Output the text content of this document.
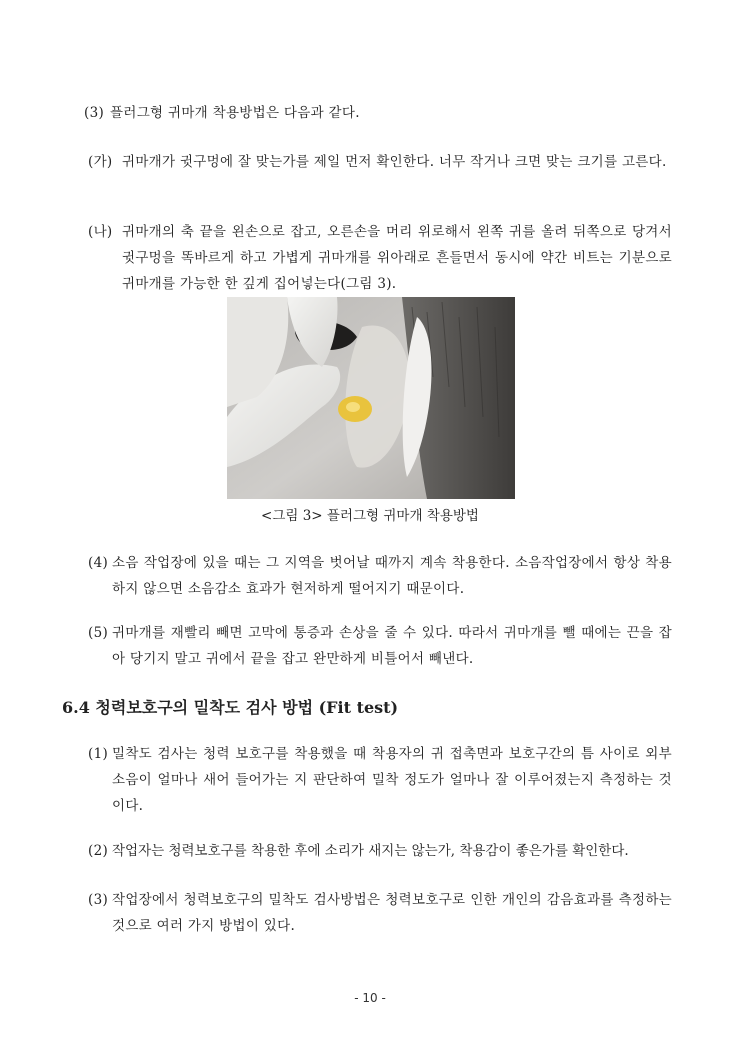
(3) 플러그형 귀마개 착용방법은 다음과 같다.
(가) 귀마개가 귓구멍에 잘 맞는가를 제일 먼저 확인한다. 너무 작거나 크면 맞는 크기를 고른다.
(나) 귀마개의 축 끝을 왼손으로 잡고, 오른손을 머리 위로해서 왼쪽 귀를 올려 뒤쪽으로 당겨서 귓구멍을 똑바르게 하고 가볍게 귀마개를 위아래로 흔들면서 동시에 약간 비트는 기분으로 귀마개를 가능한 한 깊게 집어넣는다(그림 3).
<그림 3> 플러그형 귀마개 착용방법
(4) 소음 작업장에 있을 때는 그 지역을 벗어날 때까지 계속 착용한다. 소음작업장에서 항상 착용하지 않으면 소음감소 효과가 현저하게 떨어지기 때문이다.
(5) 귀마개를 재빨리 빼면 고막에 통증과 손상을 줄 수 있다. 따라서 귀마개를 뺄 때에는 끈을 잡아 당기지 말고 귀에서 끝을 잡고 완만하게 비틀어서 빼낸다.
6.4 청력보호구의 밀착도 검사 방법 (Fit test)
(1) 밀착도 검사는 청력 보호구를 착용했을 때 착용자의 귀 접촉면과 보호구간의 틈 사이로 외부 소음이 얼마나 새어 들어가는 지 판단하여 밀착 정도가 얼마나 잘 이루어졌는지 측정하는 것이다.
(2) 작업자는 청력보호구를 착용한 후에 소리가 새지는 않는가, 착용감이 좋은가를 확인한다.
(3) 작업장에서 청력보호구의 밀착도 검사방법은 청력보호구로 인한 개인의 감음효과를 측정하는 것으로 여러 가지 방법이 있다.
- 10 -
